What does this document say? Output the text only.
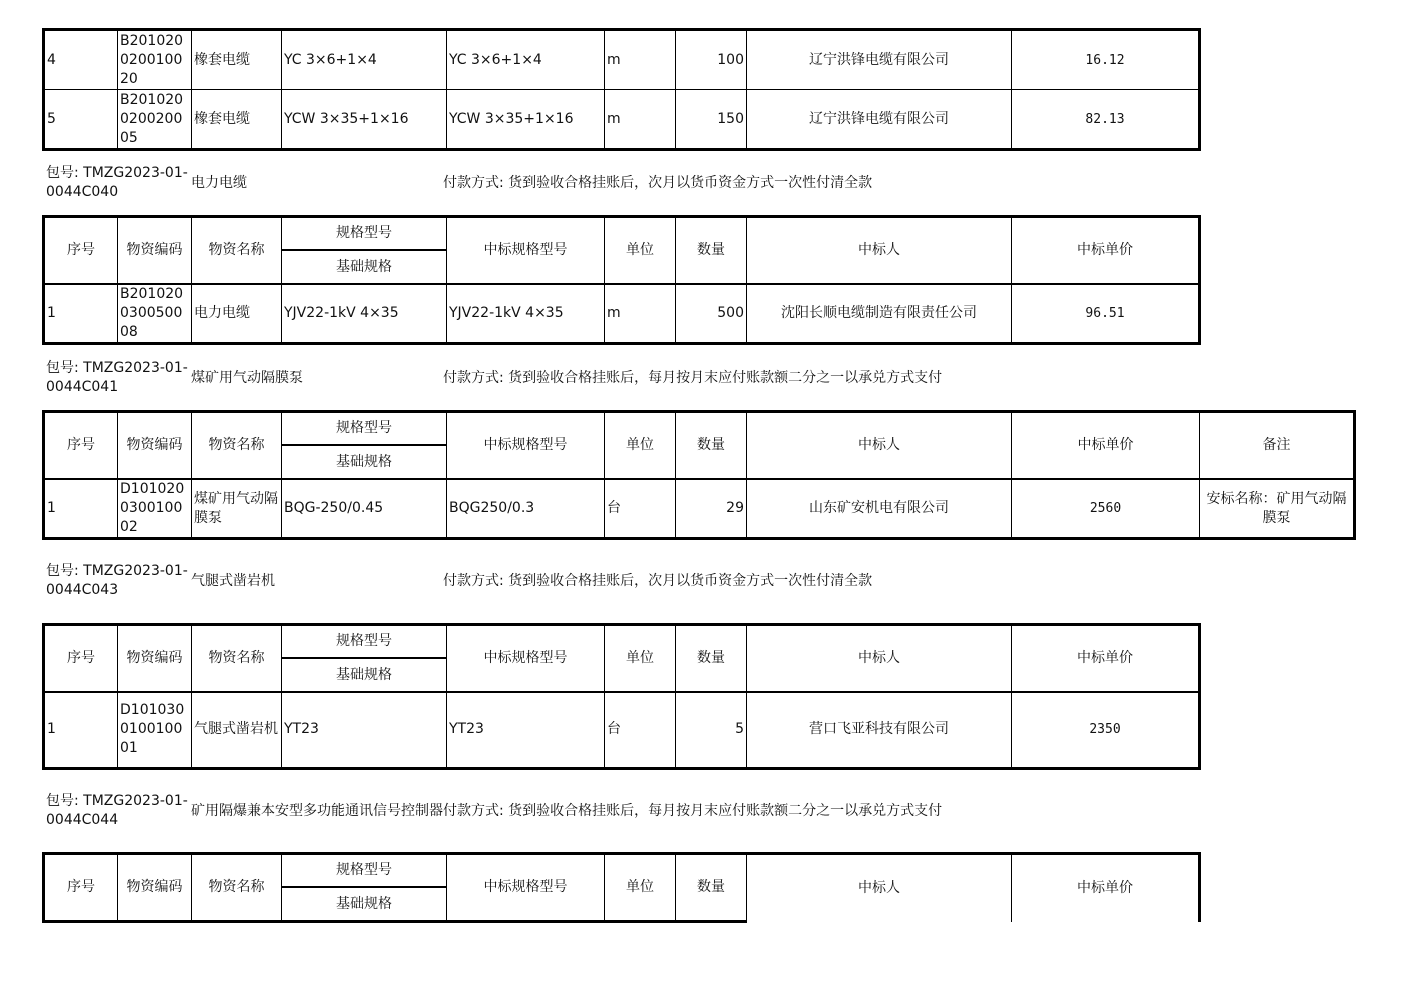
4	B201020020010020	橡套电缆	YC 3×6+1×4	YC 3×6+1×4	m	100	辽宁洪锋电缆有限公司	16.12
5	B201020020020005	橡套电缆	YCW 3×35+1×16	YCW 3×35+1×16	m	150	辽宁洪锋电缆有限公司	82.13
包号: TMZG2023-01-0044C040
电力电缆	付款方式: 货到验收合格挂账后，次月以货币资金方式一次性付清全款
序号	物资编码	物资名称	规格型号	中标规格型号	单位	数量	中标人	中标单价
			基础规格					
1	B201020030050008	电力电缆	YJV22-1kV 4×35	YJV22-1kV 4×35	m	500	沈阳长顺电缆制造有限责任公司	96.51
包号: TMZG2023-01-0044C041
煤矿用气动隔膜泵	付款方式: 货到验收合格挂账后，每月按月末应付账款额二分之一以承兑方式支付
序号	物资编码	物资名称	规格型号	中标规格型号	单位	数量	中标人	中标单价	备注
			基础规格						
1	D101020030010002	煤矿用气动隔膜泵	BQG-250/0.45	BQG250/0.3	台	29	山东矿安机电有限公司	2560	安标名称：矿用气动隔膜泵
包号: TMZG2023-01-0044C043
气腿式凿岩机	付款方式: 货到验收合格挂账后，次月以货币资金方式一次性付清全款
序号	物资编码	物资名称	规格型号	中标规格型号	单位	数量	中标人	中标单价
			基础规格					
1	D101030010010001	气腿式凿岩机	YT23	YT23	台	5	营口飞亚科技有限公司	2350
包号: TMZG2023-01-0044C044
矿用隔爆兼本安型多功能通讯信号控制器 付款方式: 货到验收合格挂账后，每月按月末应付账款额二分之一以承兑方式支付
序号	物资编码	物资名称	规格型号	中标规格型号	单位	数量	中标人	中标单价
基础规格
